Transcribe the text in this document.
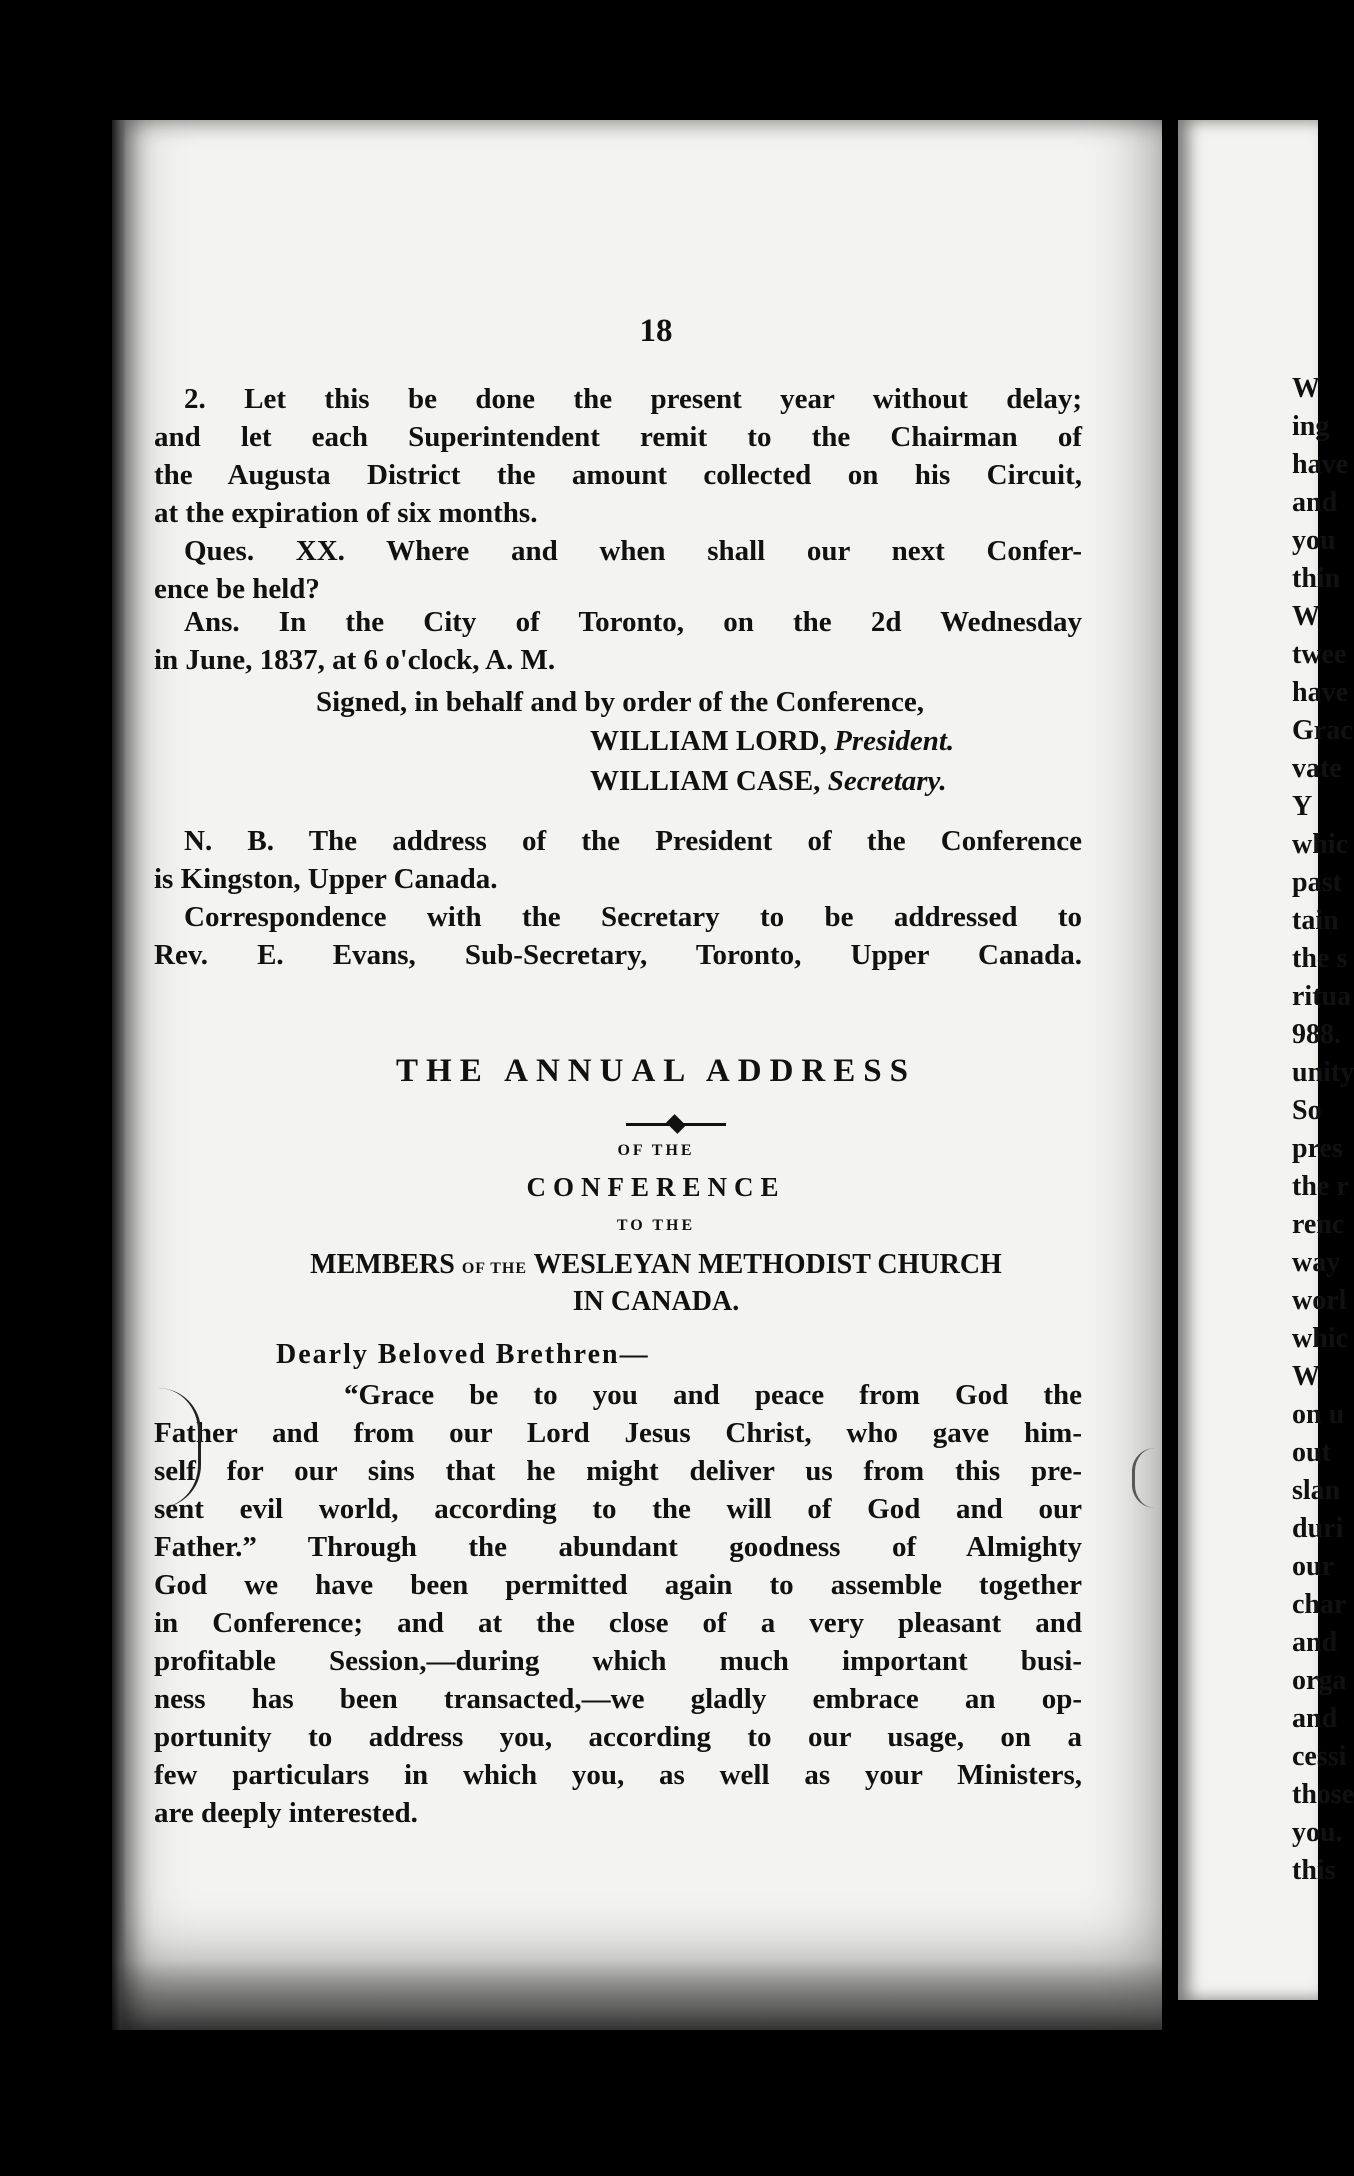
18

2. Let this be done the present year without delay;
and let each Superintendent remit to the Chairman of
the Augusta District the amount collected on his Circuit,
at the expiration of six months.

Ques. XX. Where and when shall our next Confer-
ence be held?

Ans. In the City of Toronto, on the 2d Wednesday
in June, 1837, at 6 o'clock, A. M.

Signed, in behalf and by order of the Conference,
WILLIAM LORD, President.
WILLIAM CASE, Secretary.

N. B. The address of the President of the Conference
is Kingston, Upper Canada.
Correspondence with the Secretary to be addressed to
Rev. E. Evans, Sub-Secretary, Toronto, Upper Canada.

THE ANNUAL ADDRESS
OF THE
CONFERENCE
TO THE
MEMBERS OF THE WESLEYAN METHODIST CHURCH
IN CANADA.
Dearly Beloved Brethren—

“Grace be to you and peace from God the
Father and from our Lord Jesus Christ, who gave him-
self for our sins that he might deliver us from this pre-
sent evil world, according to the will of God and our
Father.” Through the abundant goodness of Almighty
God we have been permitted again to assemble together
in Conference; and at the close of a very pleasant and
profitable Session,—during which much important busi-
ness has been transacted,—we gladly embrace an op-
portunity to address you, according to our usage, on a
few particulars in which you, as well as your Ministers,
are deeply interested.

W
ing
have
and
you
thin
W
twee
have
Grac
vate
Y
whic
past
tain
the s
ritua
988.
unity
So
pres
the r
renc
way
worl
whic
W
on u
out
slan
duri
our
char
and
orga
and
cessi
those
you.
this
